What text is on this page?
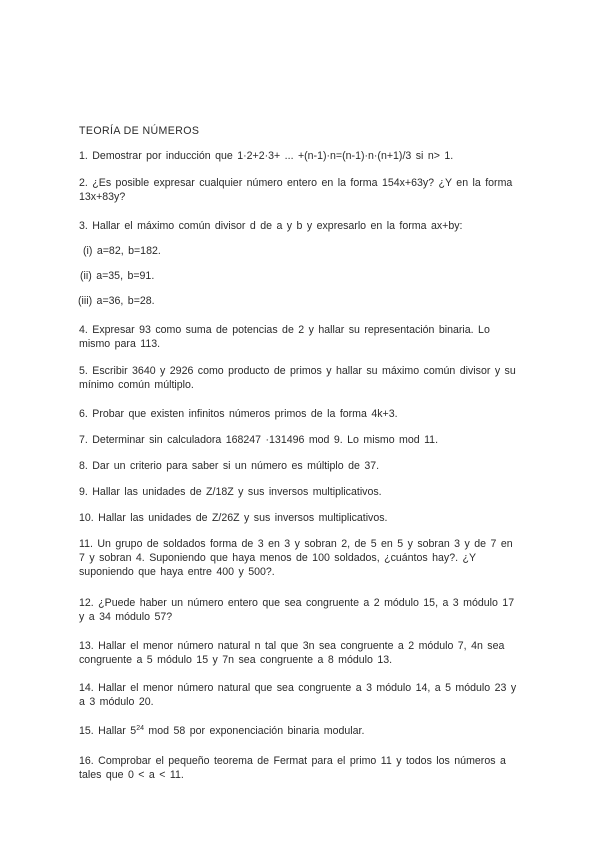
TEORÍA DE NÚMEROS
1. Demostrar por inducción que 1·2+2·3+ ... +(n-1)·n=(n-1)·n·(n+1)/3 si n> 1.
2. ¿Es posible expresar cualquier número entero en la forma 154x+63y? ¿Y en la forma 13x+83y?
3. Hallar el máximo común divisor d de a y b y expresarlo en la forma ax+by:
(i) a=82, b=182.
(ii) a=35, b=91.
(iii) a=36, b=28.
4. Expresar 93 como suma de potencias de 2 y hallar su representación binaria. Lo mismo para 113.
5. Escribir 3640 y 2926 como producto de primos y hallar su máximo común divisor y su mínimo común múltiplo.
6. Probar que existen infinitos números primos de la forma 4k+3.
7. Determinar sin calculadora 168247 ·131496 mod 9. Lo mismo mod 11.
8. Dar un criterio para saber si un número es múltiplo de 37.
9. Hallar las unidades de Z/18Z y sus inversos multiplicativos.
10. Hallar las unidades de Z/26Z y sus inversos multiplicativos.
11. Un grupo de soldados forma de 3 en 3 y sobran 2, de 5 en 5 y sobran 3 y de 7 en 7 y sobran 4. Suponiendo que haya menos de 100 soldados, ¿cuántos hay?. ¿Y suponiendo que haya entre 400 y 500?.
12. ¿Puede haber un número entero que sea congruente a 2 módulo 15, a 3 módulo 17 y a 34 módulo 57?
13. Hallar el menor número natural n tal que 3n sea congruente a 2 módulo 7, 4n sea congruente a 5 módulo 15 y 7n sea congruente a 8 módulo 13.
14. Hallar el menor número natural que sea congruente a 3 módulo 14, a 5 módulo 23 y a 3 módulo 20.
15. Hallar $5^{24}$ mod 58 por exponenciación binaria modular.
16. Comprobar el pequeño teorema de Fermat para el primo 11 y todos los números a tales que 0 < a < 11.
